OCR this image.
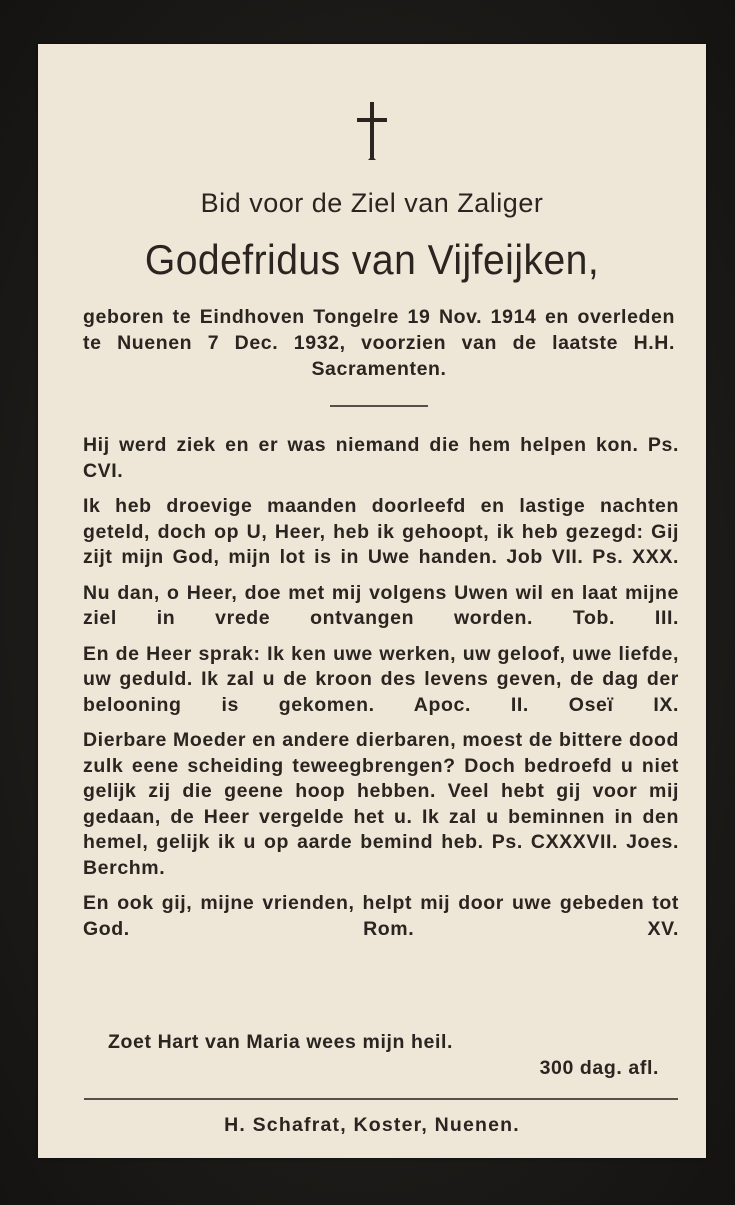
Bid voor de Ziel van Zaliger
Godefridus van Vijfeijken,
geboren te Eindhoven Tongelre 19 Nov. 1914 en overleden te Nuenen 7 Dec. 1932, voorzien van de laatste H.H. Sacramenten.
Hij werd ziek en er was niemand die hem helpen kon. Ps. CVI.
Ik heb droevige maanden doorleefd en lastige nachten geteld, doch op U, Heer, heb ik gehoopt, ik heb gezegd: Gij zijt mijn God, mijn lot is in Uwe handen. Job VII. Ps. XXX.
Nu dan, o Heer, doe met mij volgens Uwen wil en laat mijne ziel in vrede ontvangen worden. Tob. III.
En de Heer sprak: Ik ken uwe werken, uw geloof, uwe liefde, uw geduld. Ik zal u de kroon des levens geven, de dag der belooning is gekomen. Apoc. II. Oseï IX.
Dierbare Moeder en andere dierbaren, moest de bittere dood zulk eene scheiding teweegbrengen? Doch bedroefd u niet gelijk zij die geene hoop hebben. Veel hebt gij voor mij gedaan, de Heer vergelde het u. Ik zal u beminnen in den hemel, gelijk ik u op aarde bemind heb. Ps. CXXXVII. Joes. Berchm.
En ook gij, mijne vrienden, helpt mij door uwe gebeden tot God.	Rom. XV.
Zoet Hart van Maria wees mijn heil.
300 dag. afl.
H. Schafrat, Koster, Nuenen.
